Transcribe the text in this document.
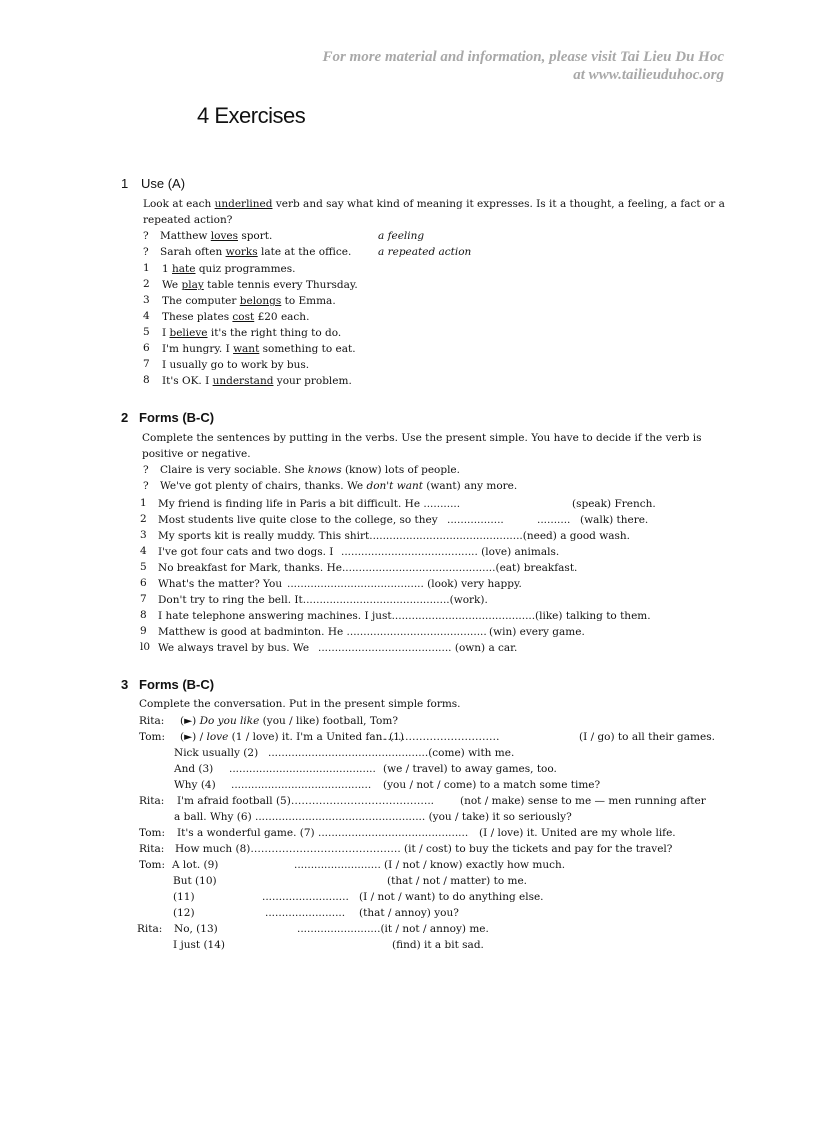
For more material and information, please visit Tai Lieu Du Hoc
at www.tailieuduhoc.org
4 Exercises
1 Use (A)
Look at each underlined verb and say what kind of meaning it expresses. Is it a thought, a feeling, a fact or a
repeated action?
? Matthew loves sport.	a feeling
? Sarah often works late at the office.	a repeated action
1 1 hate quiz programmes.
2 We play table tennis every Thursday.
3 The computer belongs to Emma.
4 These plates cost £20 each.
5 I believe it's the right thing to do.
6 I'm hungry. I want something to eat.
7 I usually go to work by bus.
8 It's OK. I understand your problem.
2 Forms (B-C)
Complete the sentences by putting in the verbs. Use the present simple. You have to decide if the verb is
positive or negative.
? Claire is very sociable. She knows (know) lots of people.
? We've got plenty of chairs, thanks. We don't want (want) any more.
1 My friend is finding life in Paris a bit difficult. He ...........	(speak) French.
2 Most students live quite close to the college, so they .................	.......... (walk) there.
3 My sports kit is really muddy. This shirt..............................................(need) a good wash.
4 I've got four cats and two dogs. I ......................................... (love) animals.
5 No breakfast for Mark, thanks. He..............................................(eat) breakfast.
6 What's the matter? You ......................................... (look) very happy.
7 Don't try to ring the bell. It............................................(work).
8 I hate telephone answering machines. I just........................................... (like) talking to them.
9 Matthew is good at badminton. He .......................................... (win) every game.
l0 We always travel by bus. We ........................................ (own) a car.
3 Forms (B-C)
Complete the conversation. Put in the present simple forms.
Rita: (►) Do you like (you / like) football, Tom?
Tom: (►) / love (1 / love) it. I'm a United fan. (1)
……………………………	(I / go) to all their games.
Nick usually (2) ................................................(come) with me.
And (3) ............................................ (we / travel) to away games, too.
Why (4) .......................................... (you / not / come) to a match some time?
Rita: I'm afraid football (5)………………………………….. (not / make) sense to me — men running after
a ball. Why (6) ................................................... (you / take) it so seriously?
Tom: It's a wonderful game. (7) ............................................. (I / love) it. United are my whole life.
Rita: How much (8)……………………………………. (it / cost) to buy the tickets and pay for the travel?
Tom: A lot. (9)	.......................... (I / not / know) exactly how much.
But (10)	(that / not / matter) to me.
(11)	.......................... (I / not / want) to do anything else.
(12)	........................ (that / annoy) you?
Rita: No, (13)	.........................(it / not / annoy) me.
I just (14)	(find) it a bit sad.
